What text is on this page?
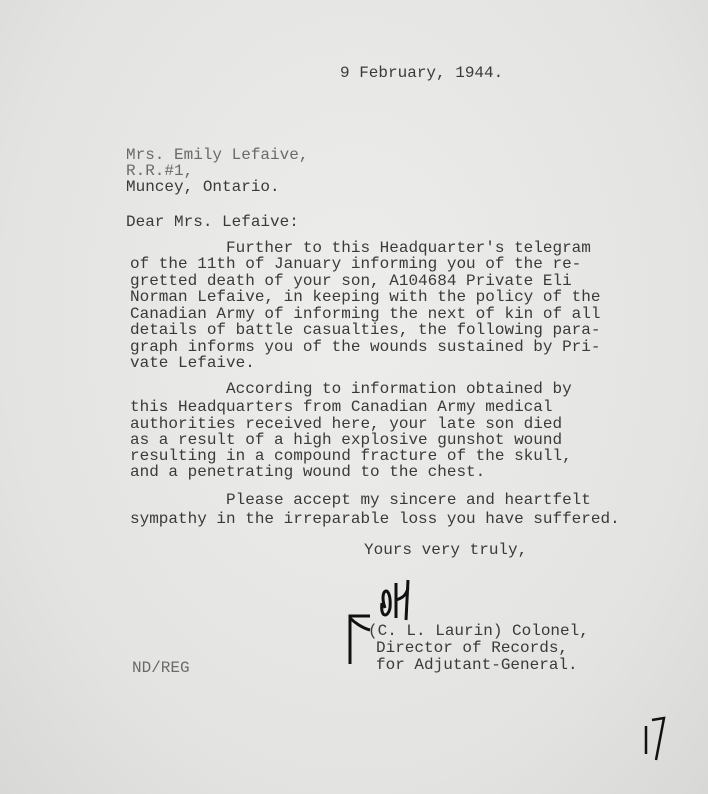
9 February, 1944.
Mrs. Emily Lefaive,
R.R.#1,
Muncey, Ontario.
Dear Mrs. Lefaive:
Further to this Headquarter's telegram
of the 11th of January informing you of the re-
gretted death of your son, A104684 Private Eli
Norman Lefaive, in keeping with the policy of the
Canadian Army of informing the next of kin of all
details of battle casualties, the following para-
graph informs you of the wounds sustained by Pri-
vate Lefaive.
According to information obtained by
this Headquarters from Canadian Army medical
authorities received here, your late son died
as a result of a high explosive gunshot wound
resulting in a compound fracture of the skull,
and a penetrating wound to the chest.
Please accept my sincere and heartfelt
sympathy in the irreparable loss you have suffered.
Yours very truly,
(C. L. Laurin) Colonel,
Director of Records,
for Adjutant-General.
ND/REG
